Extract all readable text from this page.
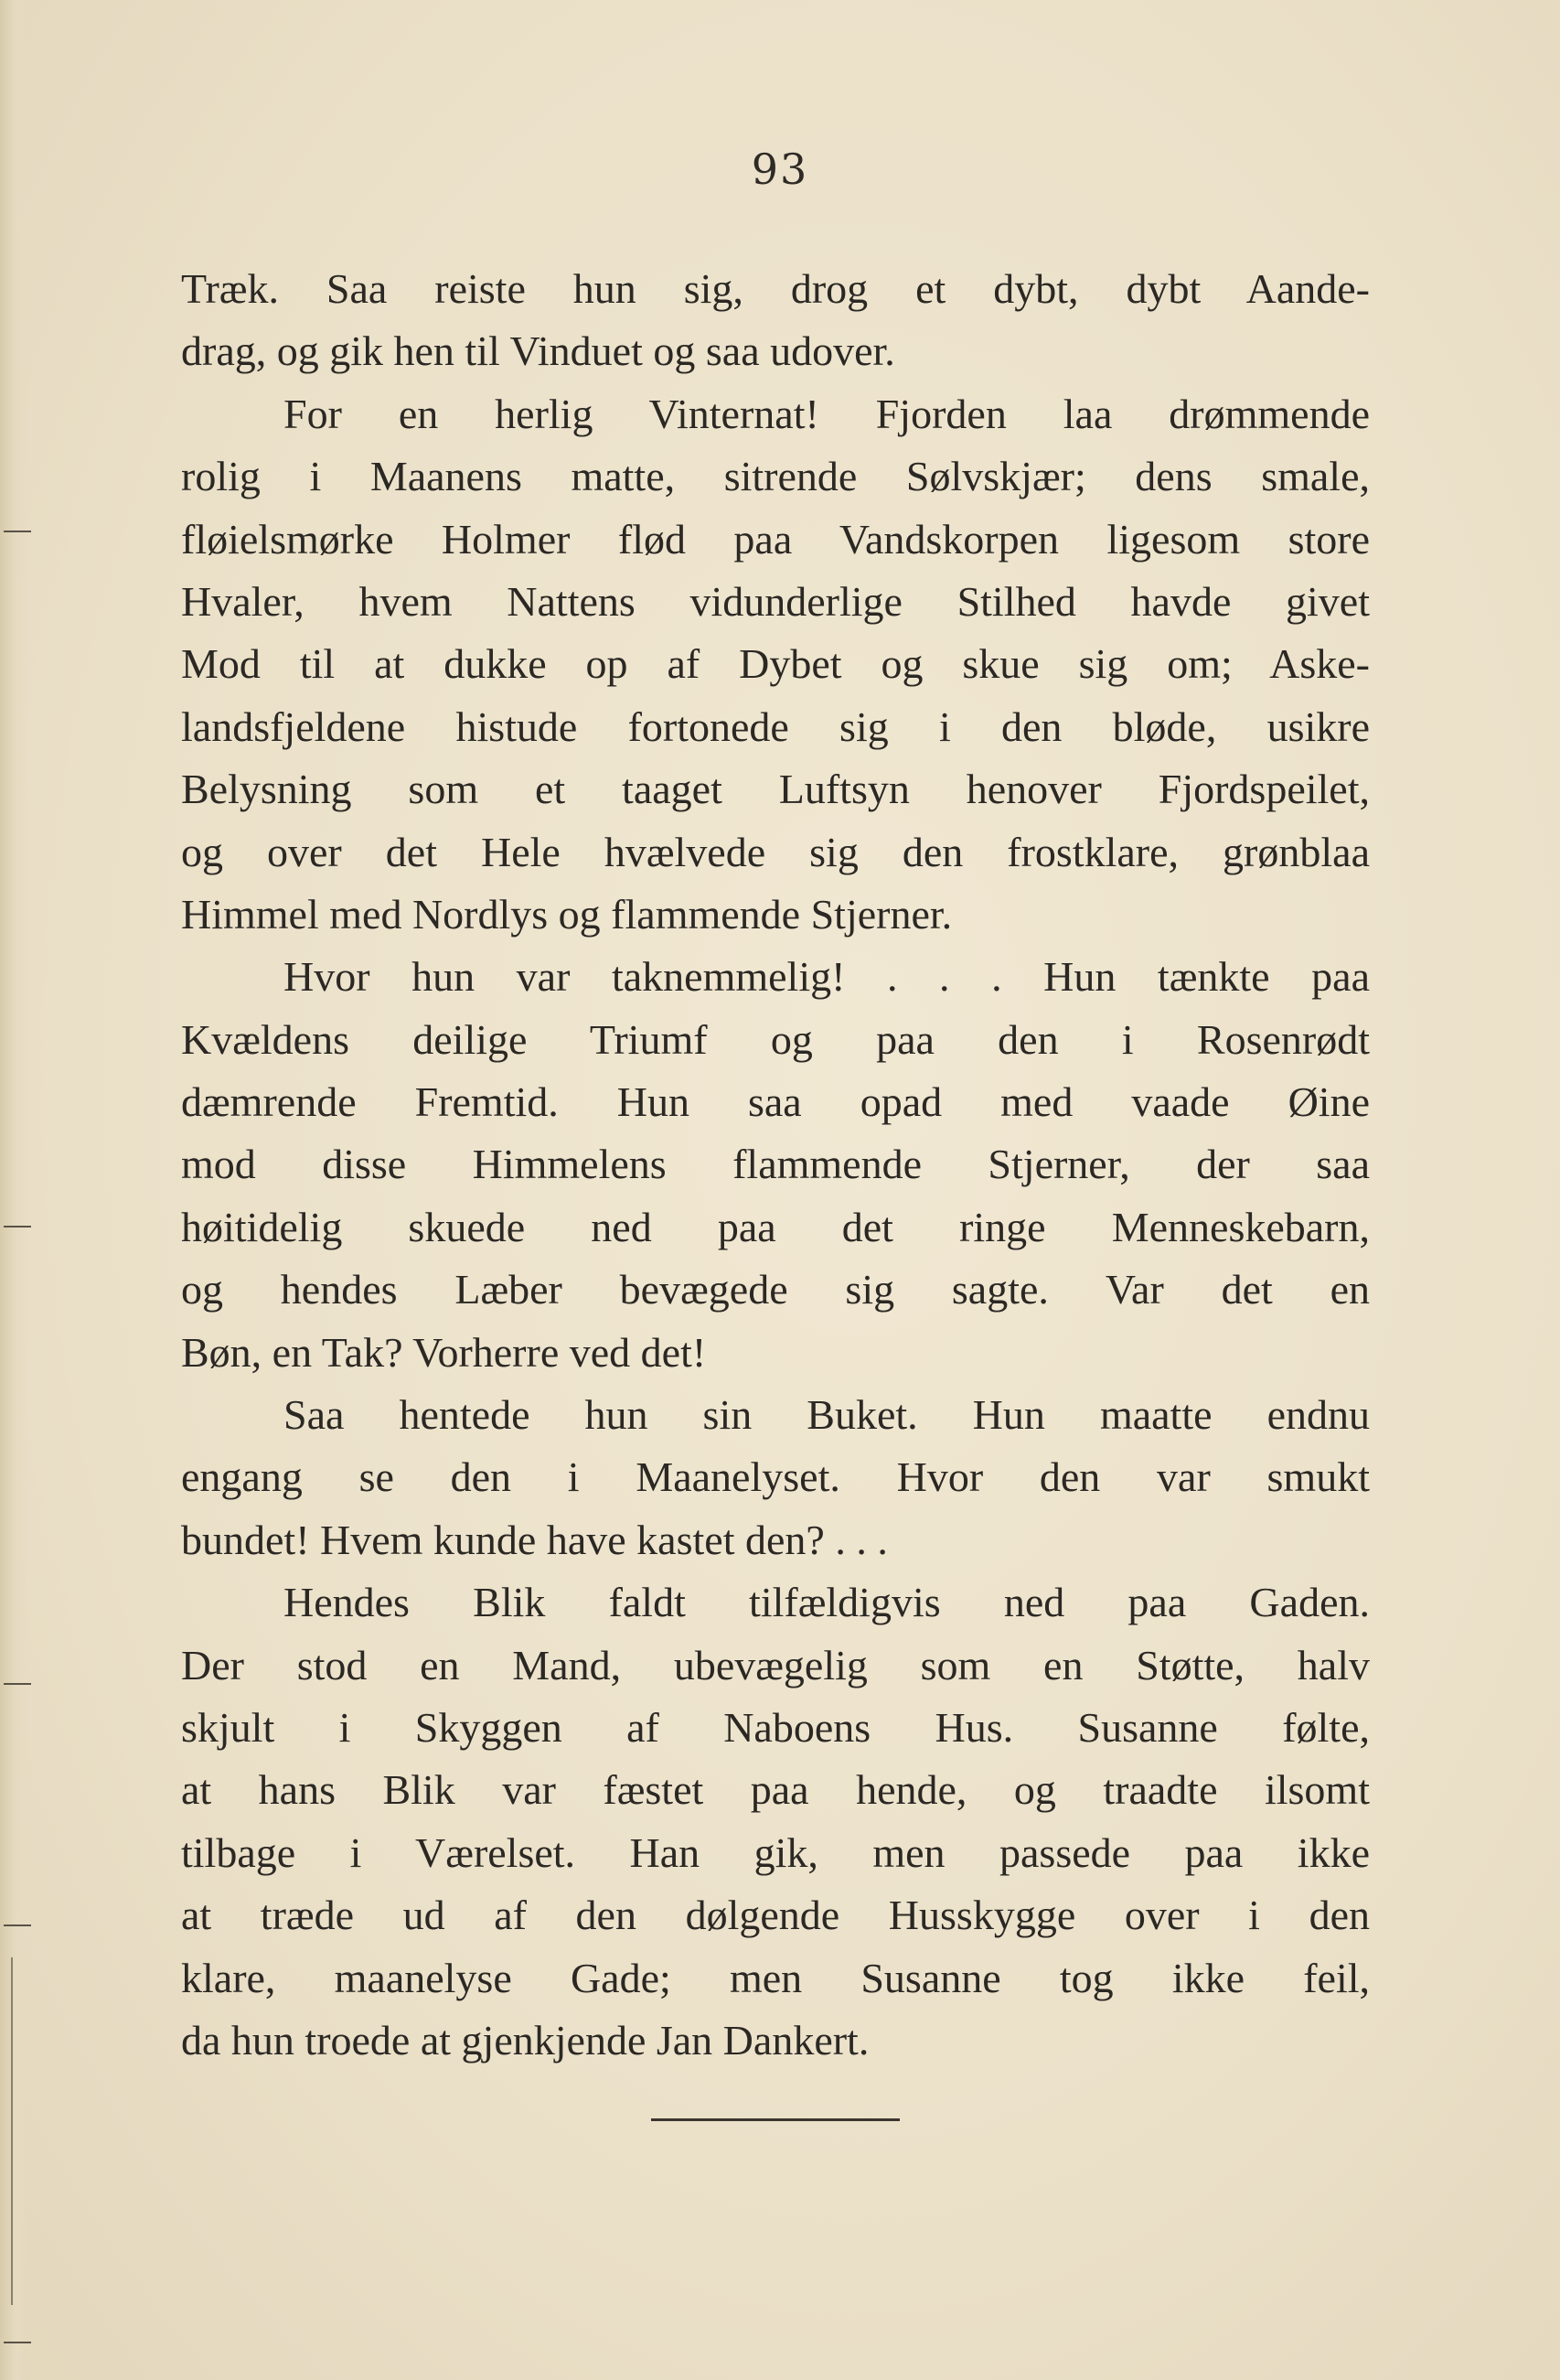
93
Træk. Saa reiste hun sig, drog et dybt, dybt Aande-
drag, og gik hen til Vinduet og saa udover.
For en herlig Vinternat! Fjorden laa drømmende
rolig i Maanens matte, sitrende Sølvskjær; dens smale,
fløielsmørke Holmer flød paa Vandskorpen ligesom store
Hvaler, hvem Nattens vidunderlige Stilhed havde givet
Mod til at dukke op af Dybet og skue sig om; Aske-
landsfjeldene histude fortonede sig i den bløde, usikre
Belysning som et taaget Luftsyn henover Fjordspeilet,
og over det Hele hvælvede sig den frostklare, grønblaa
Himmel med Nordlys og flammende Stjerner.
Hvor hun var taknemmelig! . . . Hun tænkte paa
Kvældens deilige Triumf og paa den i Rosenrødt
dæmrende Fremtid. Hun saa opad med vaade Øine
mod disse Himmelens flammende Stjerner, der saa
høitidelig skuede ned paa det ringe Menneskebarn,
og hendes Læber bevægede sig sagte. Var det en
Bøn, en Tak? Vorherre ved det!
Saa hentede hun sin Buket. Hun maatte endnu
engang se den i Maanelyset. Hvor den var smukt
bundet! Hvem kunde have kastet den? . . .
Hendes Blik faldt tilfældigvis ned paa Gaden.
Der stod en Mand, ubevægelig som en Støtte, halv
skjult i Skyggen af Naboens Hus. Susanne følte,
at hans Blik var fæstet paa hende, og traadte ilsomt
tilbage i Værelset. Han gik, men passede paa ikke
at træde ud af den dølgende Husskygge over i den
klare, maanelyse Gade; men Susanne tog ikke feil,
da hun troede at gjenkjende Jan Dankert.
